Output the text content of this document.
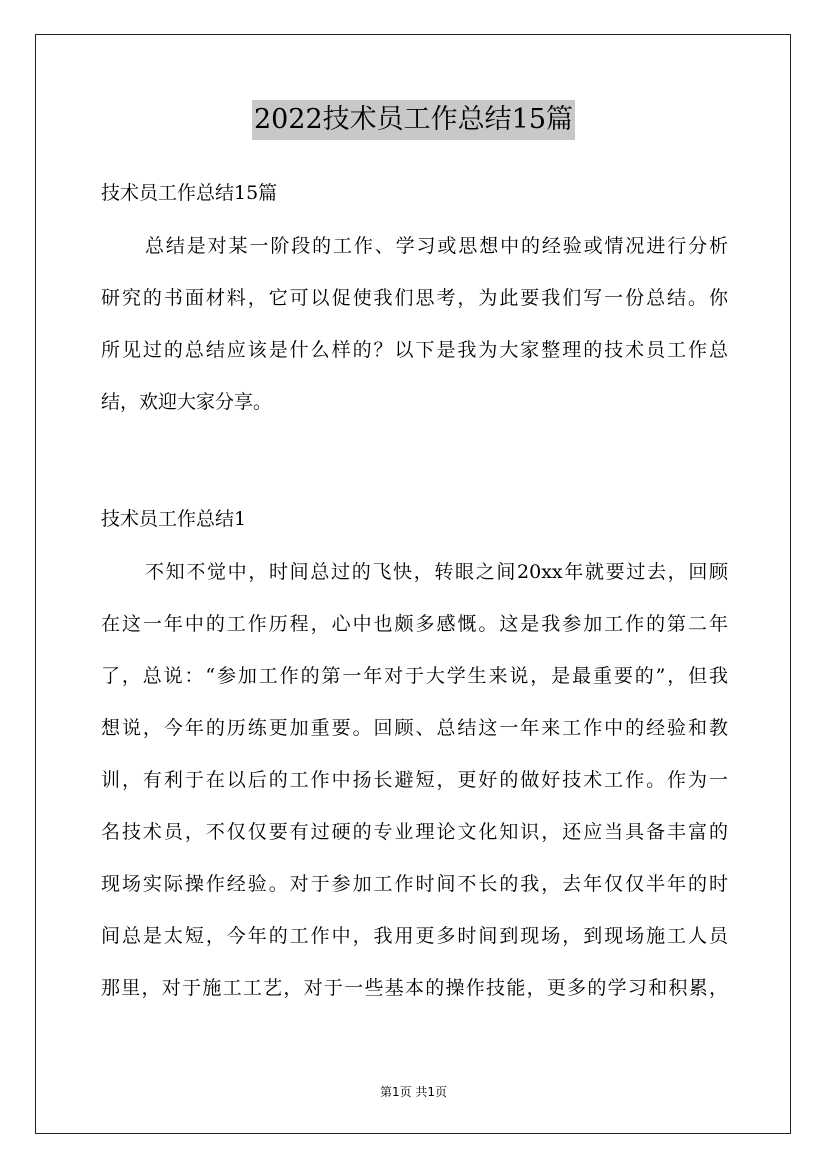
2022技术员工作总结15篇
技术员工作总结15篇
总结是对某一阶段的工作、学习或思想中的经验或情况进行分析
研究的书面材料，它可以促使我们思考，为此要我们写一份总结。你
所见过的总结应该是什么样的？以下是我为大家整理的技术员工作总
结，欢迎大家分享。
技术员工作总结1
不知不觉中，时间总过的飞快，转眼之间20xx年就要过去，回顾
在这一年中的工作历程，心中也颇多感慨。这是我参加工作的第二年
了，总说：“参加工作的第一年对于大学生来说，是最重要的”，但我
想说，今年的历练更加重要。回顾、总结这一年来工作中的经验和教
训，有利于在以后的工作中扬长避短，更好的做好技术工作。作为一
名技术员，不仅仅要有过硬的专业理论文化知识，还应当具备丰富的
现场实际操作经验。对于参加工作时间不长的我，去年仅仅半年的时
间总是太短，今年的工作中，我用更多时间到现场，到现场施工人员
那里，对于施工工艺，对于一些基本的操作技能，更多的学习和积累，
第1页 共1页
